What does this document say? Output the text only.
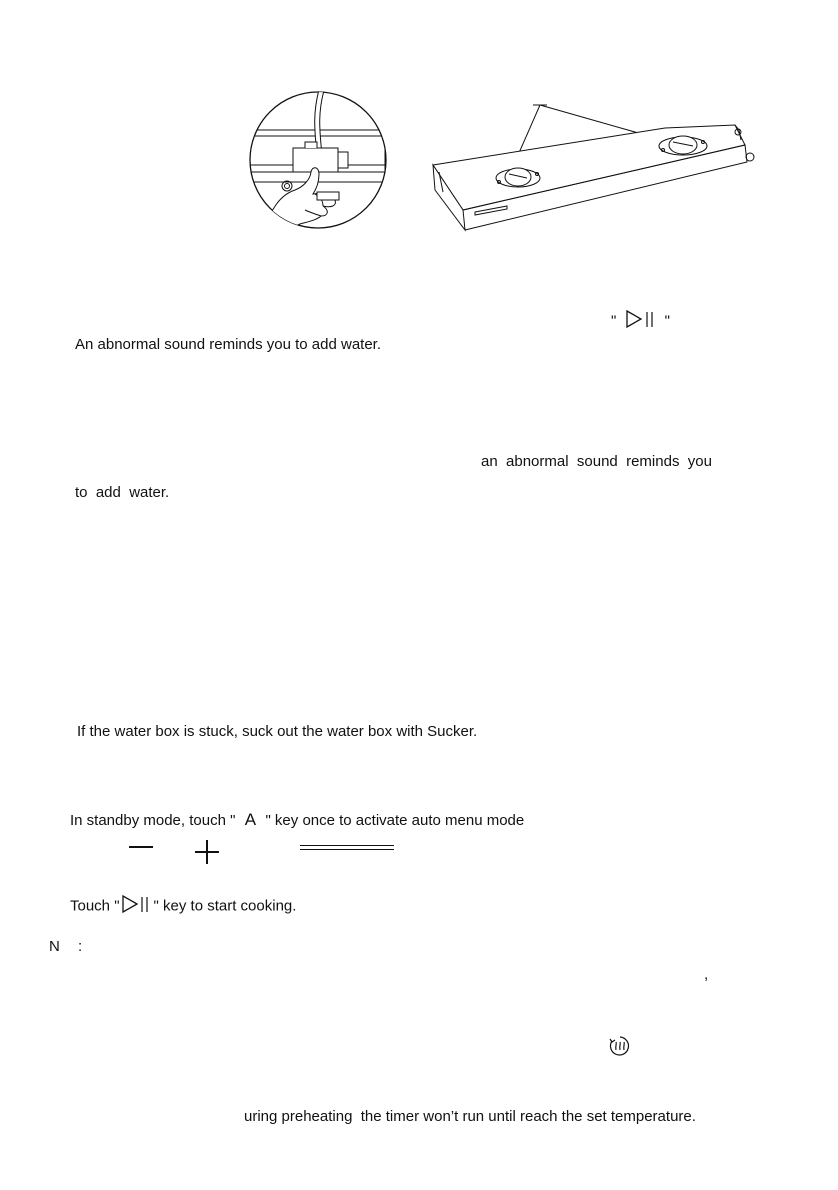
"	"
An abnormal sound reminds you to add water.
an  abnormal  sound  reminds  you
to  add  water.
If the water box is stuck, suck out the water box with Sucker.
In standby mode, touch " A " key once to activate auto menu mode
Touch " " key to start cooking.
N :
,
uring preheating  the timer won’t run until reach the set temperature.
